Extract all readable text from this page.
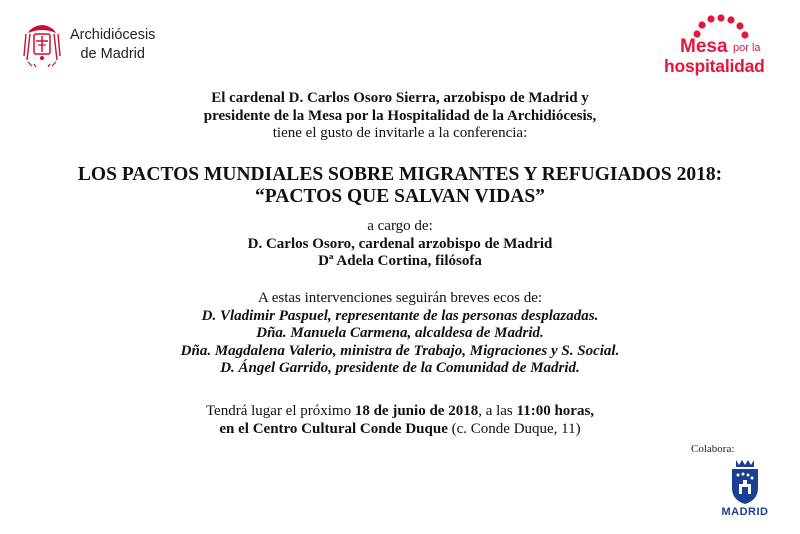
Archidiócesis
de Madrid	Mesa por la
hospitalidad
El cardenal D. Carlos Osoro Sierra, arzobispo de Madrid y
presidente de la Mesa por la Hospitalidad de la Archidiócesis,
tiene el gusto de invitarle a la conferencia:
LOS PACTOS MUNDIALES SOBRE MIGRANTES Y REFUGIADOS 2018:
“PACTOS QUE SALVAN VIDAS”
a cargo de:
D. Carlos Osoro, cardenal arzobispo de Madrid
Dª Adela Cortina, filósofa
A estas intervenciones seguirán breves ecos de:
D. Vladimir Paspuel, representante de las personas desplazadas.
Dña. Manuela Carmena, alcaldesa de Madrid.
Dña. Magdalena Valerio, ministra de Trabajo, Migraciones y S. Social.
D. Ángel Garrido, presidente de la Comunidad de Madrid.
Tendrá lugar el próximo 18 de junio de 2018, a las 11:00 horas,
en el Centro Cultural Conde Duque (c. Conde Duque, 11)
Colabora:
MADRID
